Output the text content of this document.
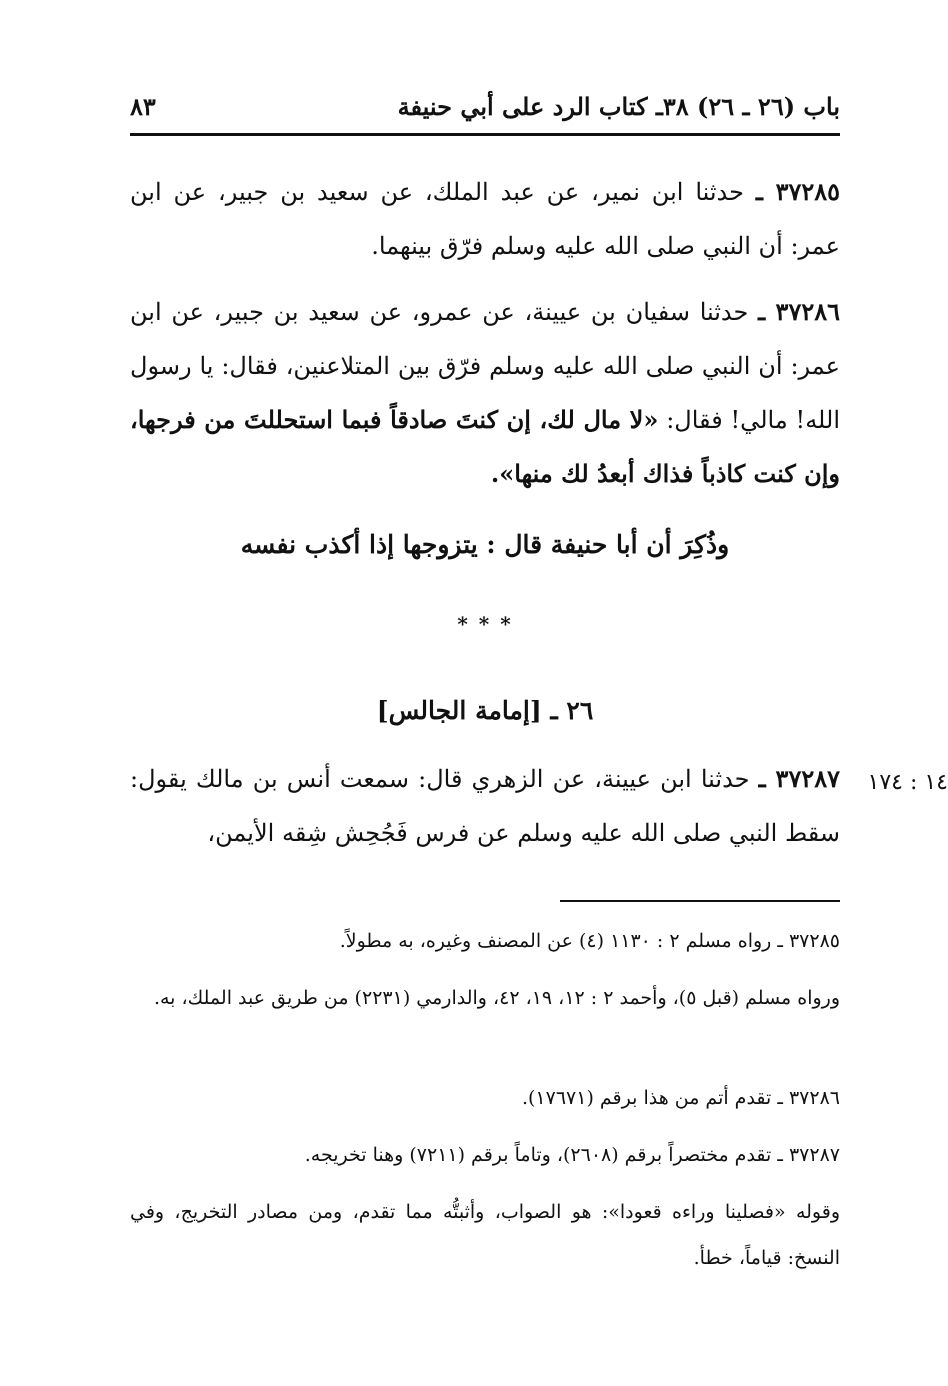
باب (٢٦ ـ ٢٦) ٣٨ـ كتاب الرد على أبي حنيفة
٨٣
٣٧٢٨٥ ـ حدثنا ابن نمير، عن عبد الملك، عن سعيد بن جبير، عن ابن عمر: أن النبي صلى الله عليه وسلم فرّق بينهما.
٣٧٢٨٦ ـ حدثنا سفيان بن عيينة، عن عمرو، عن سعيد بن جبير، عن ابن عمر: أن النبي صلى الله عليه وسلم فرّق بين المتلاعنين، فقال: يا رسول الله! مالي! فقال: «لا مال لك، إن كنتَ صادقاً فبما استحللتَ من فرجها، وإن كنت كاذباً فذاك أبعدُ لك منها».
وذُكِرَ أن أبا حنيفة قال : يتزوجها إذا أكذب نفسه
* * *
٢٦ ـ [إمامة الجالس]
٣٧٢٨٧ ـ حدثنا ابن عيينة، عن الزهري قال: سمعت أنس بن مالك يقول: سقط النبي صلى الله عليه وسلم عن فرس فَجُحِش شِقه الأيمن،
١٤ : ١٧٤
٣٧٢٨٥ ـ رواه مسلم ٢ : ١١٣٠ (٤) عن المصنف وغيره، به مطولاً.
ورواه مسلم (قبل ٥)، وأحمد ٢ : ١٢، ١٩، ٤٢، والدارمي (٢٢٣١) من طريق عبد الملك، به.
٣٧٢٨٦ ـ تقدم أتم من هذا برقم (١٧٦٧١).
٣٧٢٨٧ ـ تقدم مختصراً برقم (٢٦٠٨)، وتاماً برقم (٧٢١١) وهنا تخريجه.
وقوله «فصلينا وراءه قعودا»: هو الصواب، وأثبتُّه مما تقدم، ومن مصادر التخريج، وفي النسخ: قياماً، خطأ.
